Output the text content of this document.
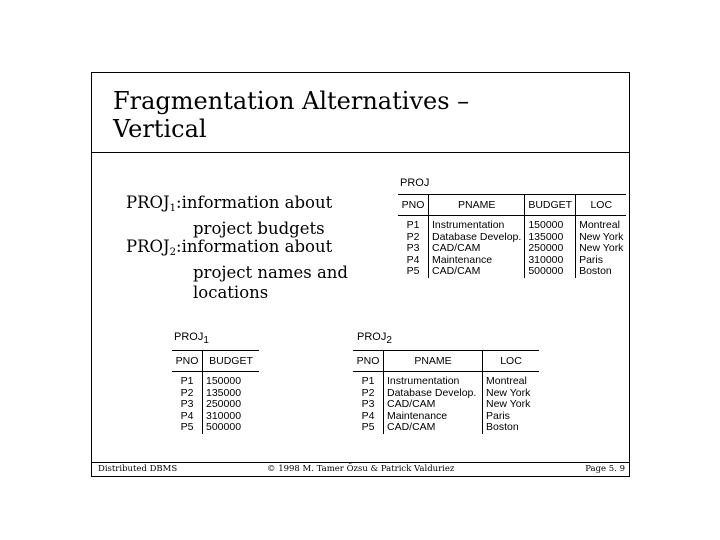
Fragmentation Alternatives –
Vertical
$PROJ_1:information$ about
project budgets
$PROJ_2:information$ about
project names and
locations
PROJ
PNO	PNAME	BUDGET	LOC
P1	Instrumentation	150000	Montreal
P2	Database Develop.	135000	New York
P3	CAD/CAM	250000	New York
P4	Maintenance	310000	Paris
P5	CAD/CAM	500000	Boston
$PROJ_1$
PNO	BUDGET
P1	150000
P2	135000
P3	250000
P4	310000
P5	500000
$PROJ_2$
PNO	PNAME	LOC
P1	Instrumentation	Montreal
P2	Database Develop.	New York
P3	CAD/CAM	New York
P4	Maintenance	Paris
P5	CAD/CAM	Boston
Distributed DBMS	© 1998 M. Tamer Özsu & Patrick Valduriez	Page 5. 9
